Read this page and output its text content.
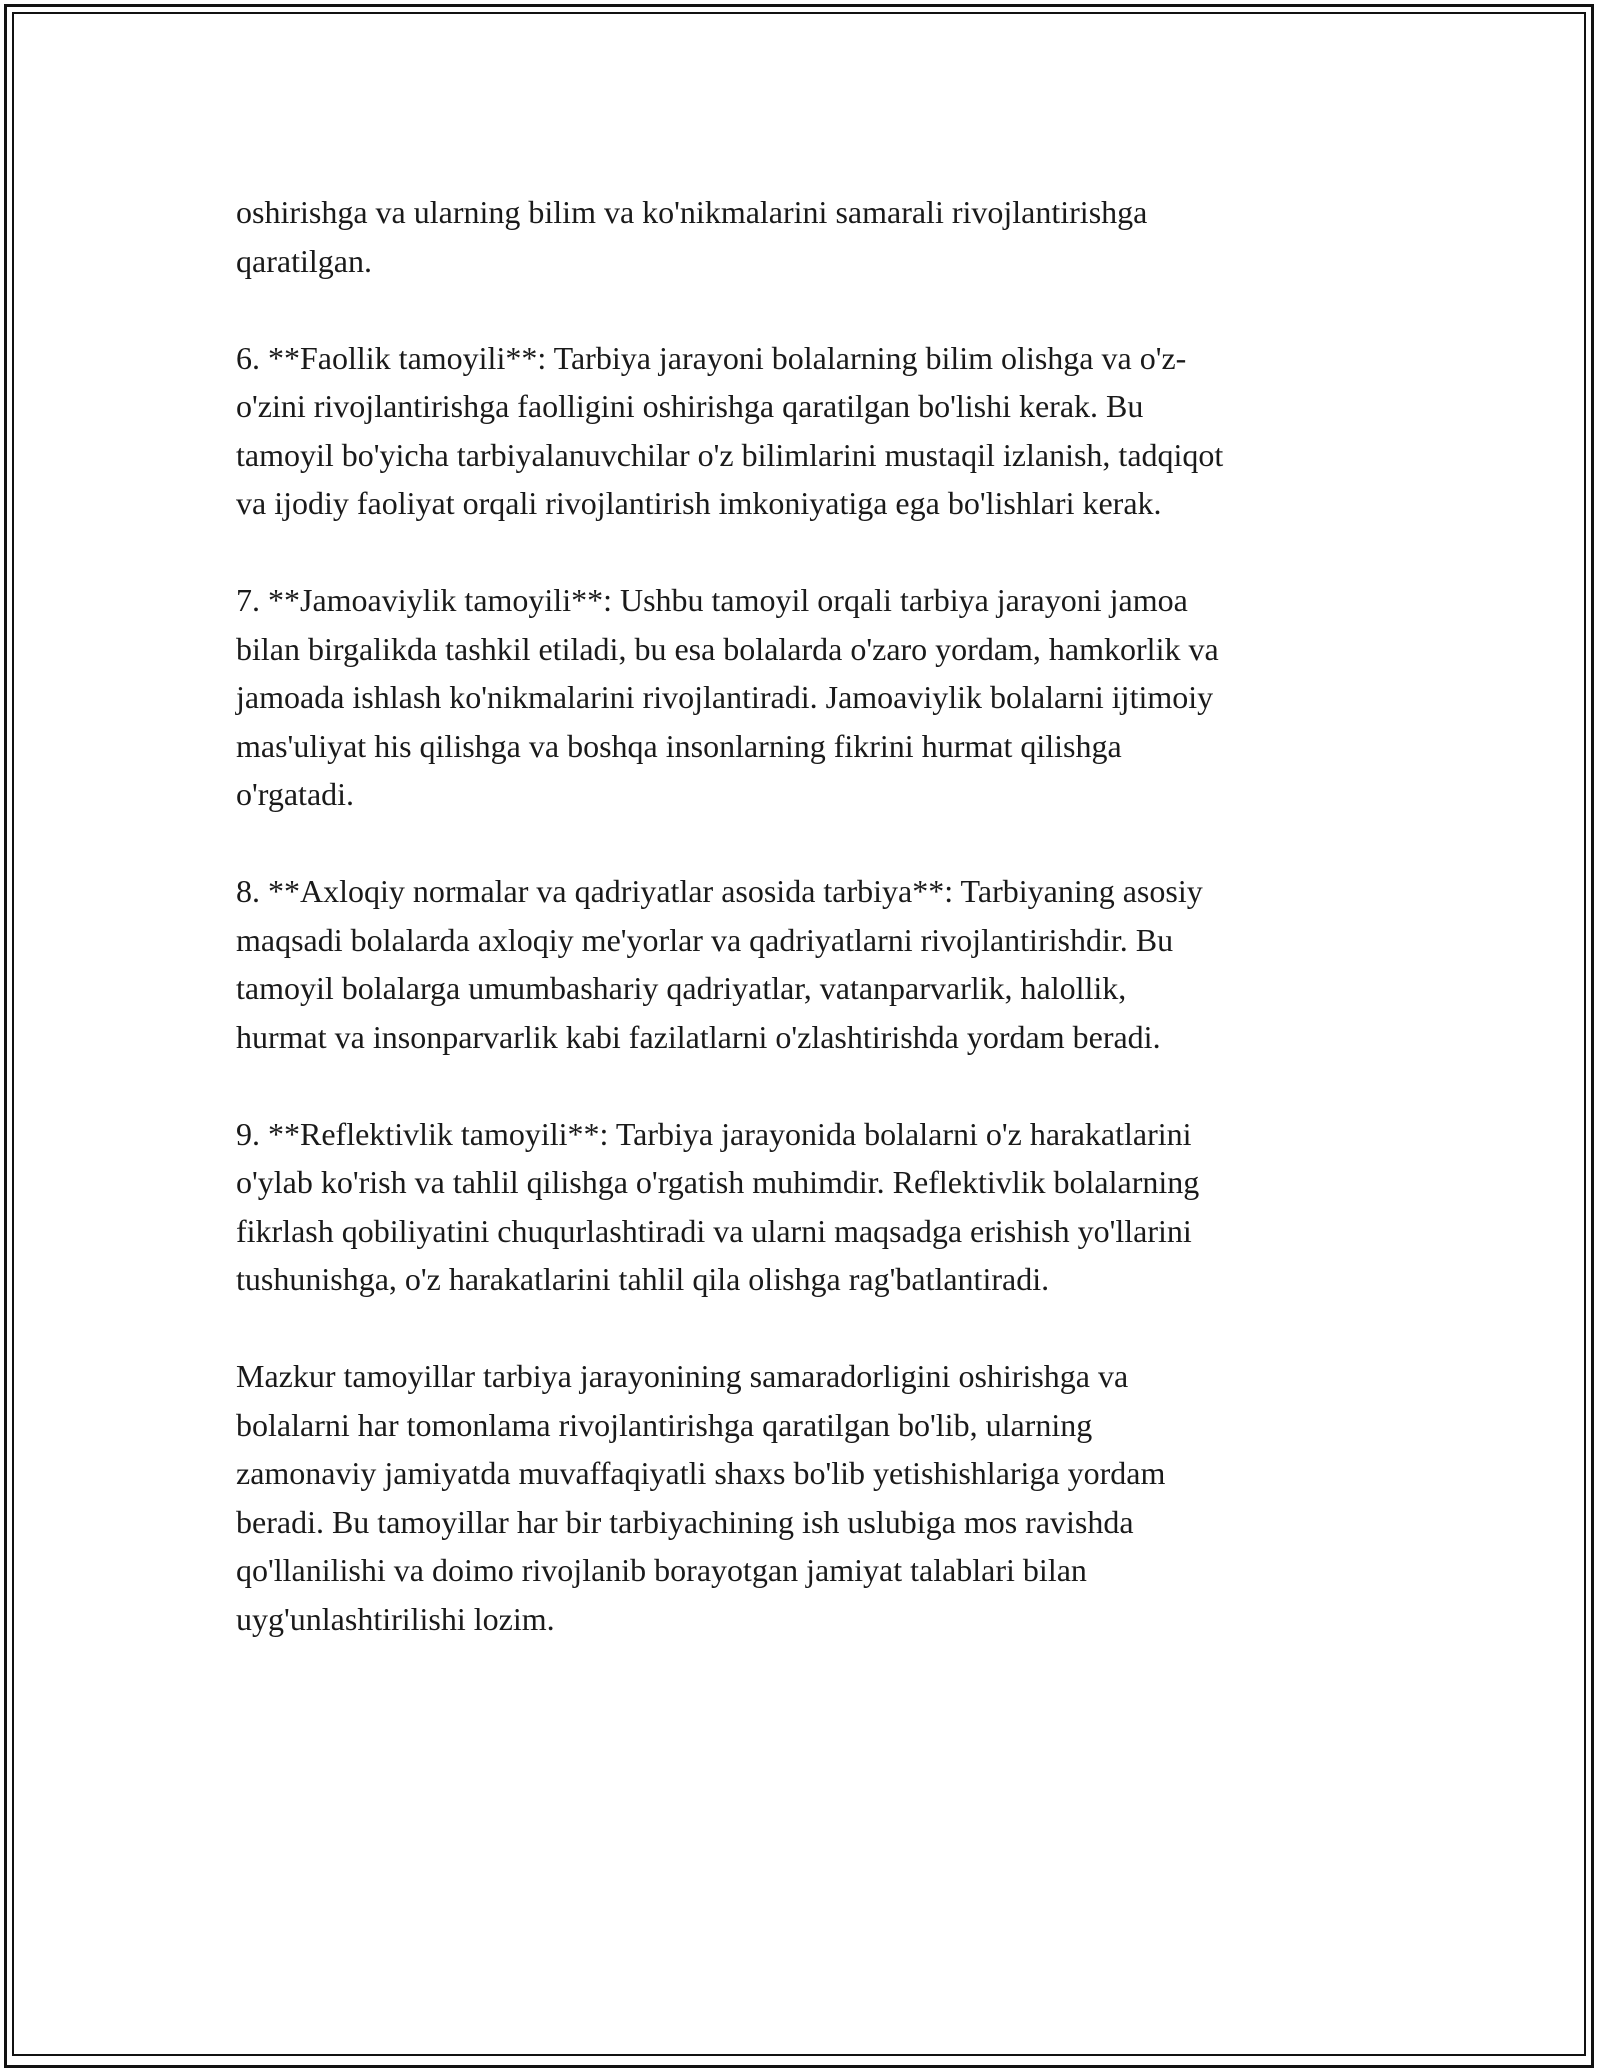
oshirishga va ularning bilim va ko'nikmalarini samarali rivojlantirishga
qaratilgan.

6. **Faollik tamoyili**: Tarbiya jarayoni bolalarning bilim olishga va o'z-
o'zini rivojlantirishga faolligini oshirishga qaratilgan bo'lishi kerak. Bu
tamoyil bo'yicha tarbiyalanuvchilar o'z bilimlarini mustaqil izlanish, tadqiqot
va ijodiy faoliyat orqali rivojlantirish imkoniyatiga ega bo'lishlari kerak.

7. **Jamoaviylik tamoyili**: Ushbu tamoyil orqali tarbiya jarayoni jamoa
bilan birgalikda tashkil etiladi, bu esa bolalarda o'zaro yordam, hamkorlik va
jamoada ishlash ko'nikmalarini rivojlantiradi. Jamoaviylik bolalarni ijtimoiy
mas'uliyat his qilishga va boshqa insonlarning fikrini hurmat qilishga
o'rgatadi.

8. **Axloqiy normalar va qadriyatlar asosida tarbiya**: Tarbiyaning asosiy
maqsadi bolalarda axloqiy me'yorlar va qadriyatlarni rivojlantirishdir. Bu
tamoyil bolalarga umumbashariy qadriyatlar, vatanparvarlik, halollik,
hurmat va insonparvarlik kabi fazilatlarni o'zlashtirishda yordam beradi.

9. **Reflektivlik tamoyili**: Tarbiya jarayonida bolalarni o'z harakatlarini
o'ylab ko'rish va tahlil qilishga o'rgatish muhimdir. Reflektivlik bolalarning
fikrlash qobiliyatini chuqurlashtiradi va ularni maqsadga erishish yo'llarini
tushunishga, o'z harakatlarini tahlil qila olishga rag'batlantiradi.

Mazkur tamoyillar tarbiya jarayonining samaradorligini oshirishga va
bolalarni har tomonlama rivojlantirishga qaratilgan bo'lib, ularning
zamonaviy jamiyatda muvaffaqiyatli shaxs bo'lib yetishishlariga yordam
beradi. Bu tamoyillar har bir tarbiyachining ish uslubiga mos ravishda
qo'llanilishi va doimo rivojlanib borayotgan jamiyat talablari bilan
uyg'unlashtirilishi lozim.
